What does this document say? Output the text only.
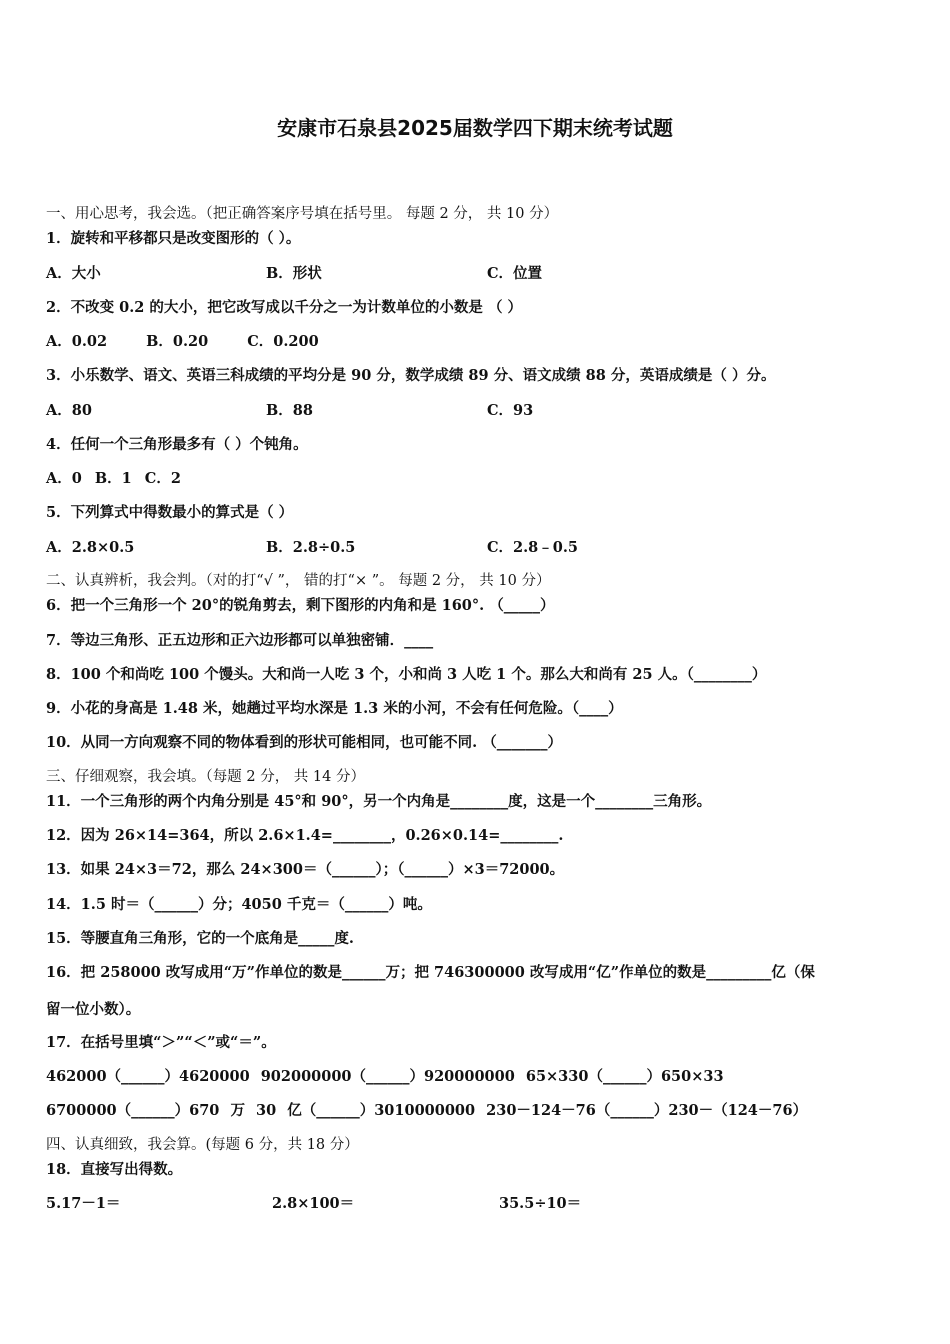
安康市石泉县2025届数学四下期末统考试题
一、用心思考，我会选。（把正确答案序号填在括号里。 每题 2 分， 共 10 分）
1．旋转和平移都只是改变图形的（ ）。
A．大小	B．形状	C．位置
2．不改变 0.2 的大小，把它改写成以千分之一为计数单位的小数是 （ ）
A．0.02 B．0.20 C．0.200
3．小乐数学、语文、英语三科成绩的平均分是 90 分，数学成绩 89 分、语文成绩 88 分，英语成绩是（ ）分。
A．80	B．88	C．93
4．任何一个三角形最多有（ ）个钝角。
A．0 B．1 C．2
5．下列算式中得数最小的算式是（ ）
A．2.8×0.5	B．2.8÷0.5	C．2.8﹣0.5
二、认真辨析，我会判。（对的打“√ ”， 错的打“× ”。 每题 2 分， 共 10 分）
6．把一个三角形一个 20°的锐角剪去，剩下图形的内角和是 160°. （_____）
7．等边三角形、正五边形和正六边形都可以单独密铺．____
8．100 个和尚吃 100 个馒头。大和尚一人吃 3 个，小和尚 3 人吃 1 个。那么大和尚有 25 人。（________）
9．小花的身高是 1.48 米，她趟过平均水深是 1.3 米的小河，不会有任何危险。（____）
10．从同一方向观察不同的物体看到的形状可能相同，也可能不同. （_______）
三、仔细观察，我会填。（每题 2 分， 共 14 分）
11．一个三角形的两个内角分别是 45°和 90°，另一个内角是________度，这是一个________三角形。
12．因为 26×14=364，所以 2.6×1.4=________，0.26×0.14=________.
13．如果 24×3＝72，那么 24×300＝（______）；（______）×3＝72000。
14．1.5 时＝（______）分；4050 千克＝（______）吨。
15．等腰直角三角形，它的一个底角是_____度.
16．把 258000 改写成用“万”作单位的数是______万；把 746300000 改写成用“亿”作单位的数是_________亿（保
留一位小数）。
17．在括号里填“＞”“＜”或“＝”。
462000（______）4620000 902000000（______）920000000 65×330（______）650×33
6700000（______）670 万 30 亿（______）3010000000 230－124－76（______）230－（124－76）
四、认真细致，我会算。(每题 6 分，共 18 分）
18．直接写出得数。
5.17－1＝	2.8×100＝	35.5÷10＝
